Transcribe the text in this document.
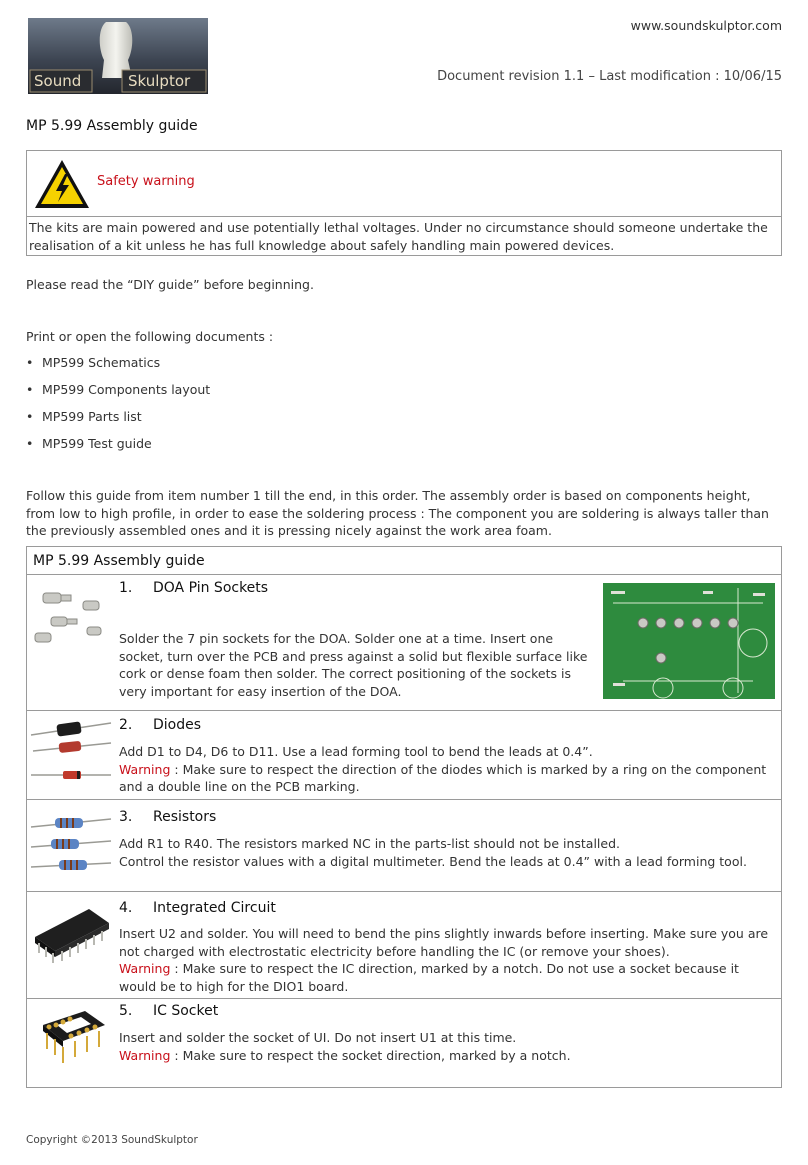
Sound	Skulptor
www.soundskulptor.com
Document revision 1.1 – Last modification : 10/06/15
MP 5.99 Assembly guide
Safety warning
The kits are main powered and use potentially lethal voltages. Under no circumstance should someone undertake the realisation of a kit unless he has full knowledge about safely handling main powered devices.
Please read the “DIY guide” before beginning.
Print or open the following documents :
• MP599 Schematics
• MP599 Components layout
• MP599 Parts list
• MP599 Test guide
Follow this guide from item number 1 till the end, in this order. The assembly order is based on components height, from low to high profile, in order to ease the soldering process : The component you are soldering is always taller than the previously assembled ones and it is pressing nicely against the work area foam.
MP 5.99 Assembly guide
1. DOA Pin Sockets
Solder the 7 pin sockets for the DOA. Solder one at a time. Insert one socket, turn over the PCB and press against a solid but flexible surface like cork or dense foam then solder. The correct positioning of the sockets is very important for easy insertion of the DOA.
2. Diodes
Add D1 to D4, D6 to D11. Use a lead forming tool to bend the leads at 0.4”.
Warning : Make sure to respect the direction of the diodes which is marked by a ring on the component and a double line on the PCB marking.
3. Resistors
Add R1 to R40. The resistors marked NC in the parts-list should not be installed.
Control the resistor values with a digital multimeter. Bend the leads at 0.4” with a lead forming tool.
4. Integrated Circuit
Insert U2 and solder. You will need to bend the pins slightly inwards before inserting. Make sure you are not charged with electrostatic electricity before handling the IC (or remove your shoes).
Warning : Make sure to respect the IC direction, marked by a notch. Do not use a socket because it would be to high for the DIO1 board.
5. IC Socket
Insert and solder the socket of UI. Do not insert U1 at this time.
Warning : Make sure to respect the socket direction, marked by a notch.
Copyright ©2013 SoundSkulptor
